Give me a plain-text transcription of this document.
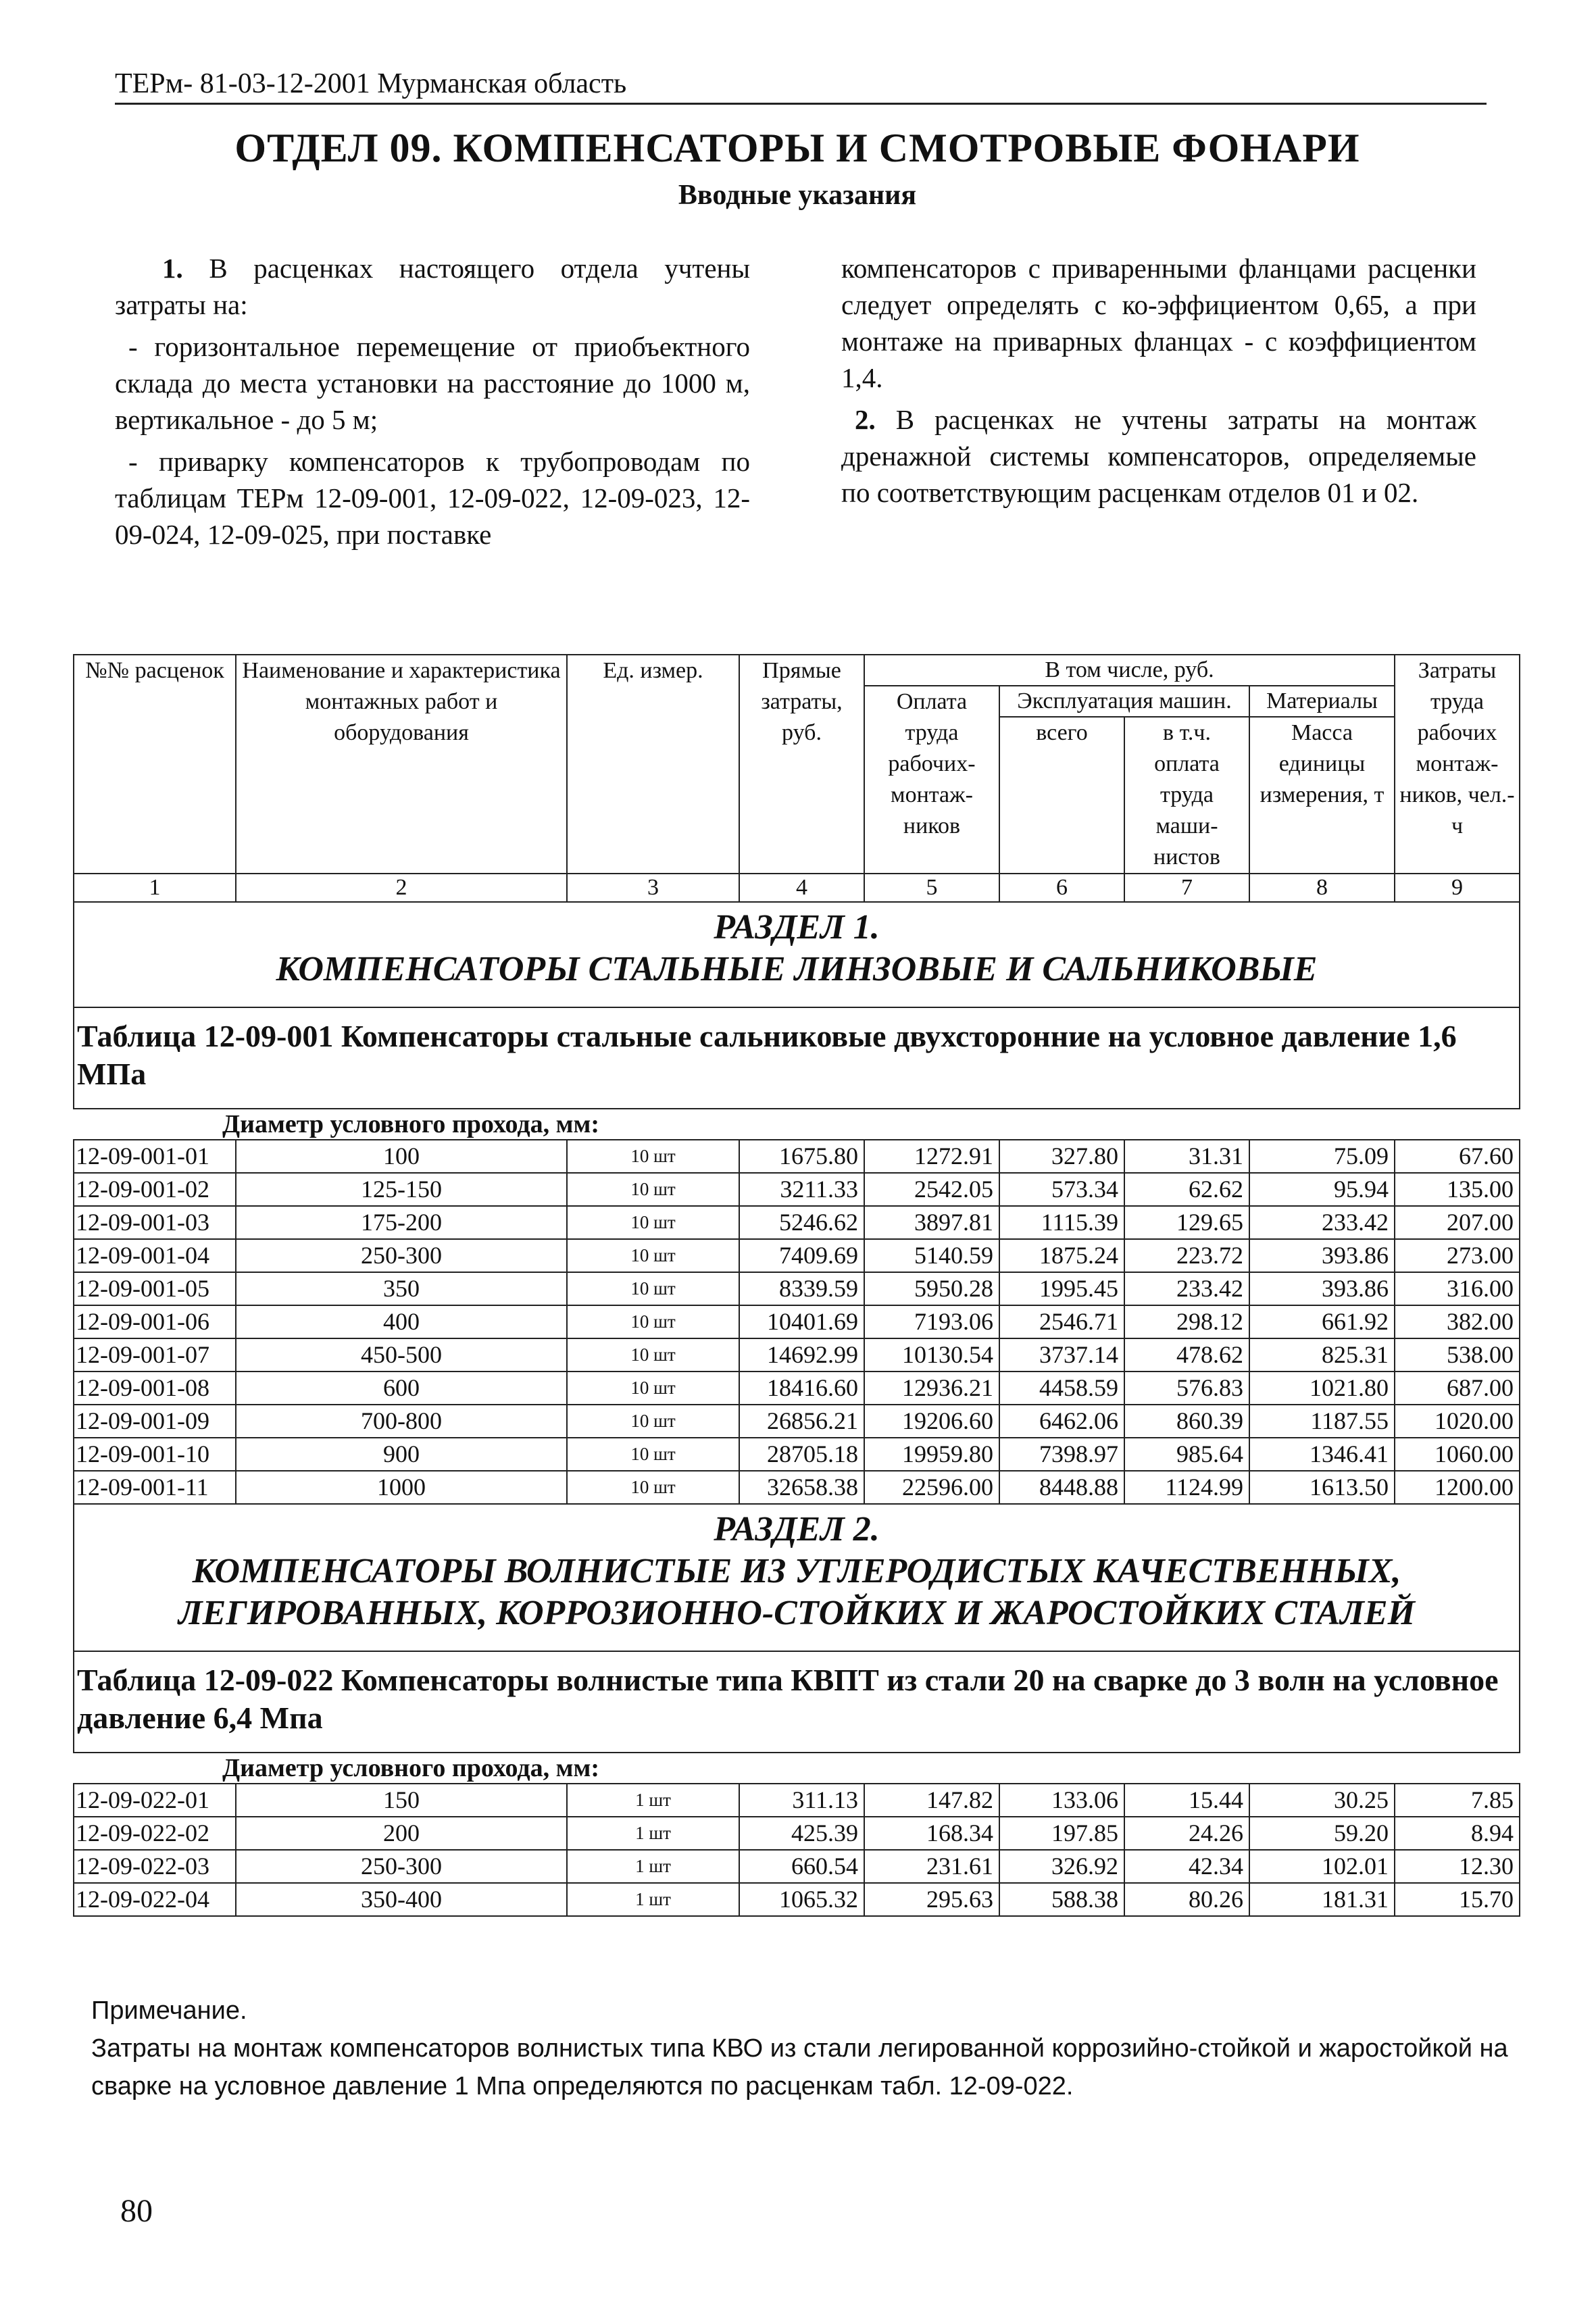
ТЕРм- 81-03-12-2001 Мурманская область
ОТДЕЛ 09. КОМПЕНСАТОРЫ И СМОТРОВЫЕ ФОНАРИ
Вводные указания

1. В расценках настоящего отдела учтены затраты на:

- горизонтальное перемещение от приобъектного склада до места установки на расстояние до 1000 м, вертикальное - до 5 м;

- приварку компенсаторов к трубопроводам по таблицам ТЕРм 12-09-001, 12-09-022, 12-09-023, 12-09-024, 12-09-025, при поставке

компенсаторов с приваренными фланцами расценки следует определять с ко-эффициентом 0,65, а при монтаже на приварных фланцах - с коэффициентом 1,4.

2. В расценках не учтены затраты на монтаж дренажной системы компенсаторов, определяемые по соответствующим расценкам отделов 01 и 02.

№№ расценок	Наименование и характеристика монтажных работ и оборудования	Ед. измер.	Прямые затраты, руб.	В том числе, руб.				Затраты труда рабочих монтаж-ников, чел.-ч
				Оплата труда рабочих-монтаж-ников	Эксплуатация машин.		Материалы	
					всего	в т.ч. оплата труда маши-нистов	Масса единицы измерения, т	
1	2	3	4	5	6	7	8	9

РАЗДЕЛ 1.
КОМПЕНСАТОРЫ СТАЛЬНЫЕ ЛИНЗОВЫЕ И САЛЬНИКОВЫЕ								

Таблица 12-09-001 Компенсаторы стальные сальниковые двухсторонние на условное давление 1,6 МПа								
Диаметр условного прохода, мм:								
12-09-001-01	100	10 шт	1675.80	1272.91	327.80	31.31	75.09	67.60
12-09-001-02	125-150	10 шт	3211.33	2542.05	573.34	62.62	95.94	135.00
12-09-001-03	175-200	10 шт	5246.62	3897.81	1115.39	129.65	233.42	207.00
12-09-001-04	250-300	10 шт	7409.69	5140.59	1875.24	223.72	393.86	273.00
12-09-001-05	350	10 шт	8339.59	5950.28	1995.45	233.42	393.86	316.00
12-09-001-06	400	10 шт	10401.69	7193.06	2546.71	298.12	661.92	382.00
12-09-001-07	450-500	10 шт	14692.99	10130.54	3737.14	478.62	825.31	538.00
12-09-001-08	600	10 шт	18416.60	12936.21	4458.59	576.83	1021.80	687.00
12-09-001-09	700-800	10 шт	26856.21	19206.60	6462.06	860.39	1187.55	1020.00
12-09-001-10	900	10 шт	28705.18	19959.80	7398.97	985.64	1346.41	1060.00
12-09-001-11	1000	10 шт	32658.38	22596.00	8448.88	1124.99	1613.50	1200.00

РАЗДЕЛ 2.
КОМПЕНСАТОРЫ ВОЛНИСТЫЕ ИЗ УГЛЕРОДИСТЫХ КАЧЕСТВЕННЫХ,
ЛЕГИРОВАННЫХ, КОРРОЗИОННО-СТОЙКИХ И ЖАРОСТОЙКИХ СТАЛЕЙ								

Таблица 12-09-022 Компенсаторы волнистые типа КВПТ из стали 20 на сварке до 3 волн на условное давление 6,4 Мпа								
Диаметр условного прохода, мм:								
12-09-022-01	150	1 шт	311.13	147.82	133.06	15.44	30.25	7.85
12-09-022-02	200	1 шт	425.39	168.34	197.85	24.26	59.20	8.94
12-09-022-03	250-300	1 шт	660.54	231.61	326.92	42.34	102.01	12.30
12-09-022-04	350-400	1 шт	1065.32	295.63	588.38	80.26	181.31	15.70

Примечание.

Затраты на монтаж компенсаторов волнистых типа КВО из стали легированной коррозийно-стойкой и жаростойкой на сварке на условное давление 1 Мпа определяются по расценкам табл. 12-09-022.

80
